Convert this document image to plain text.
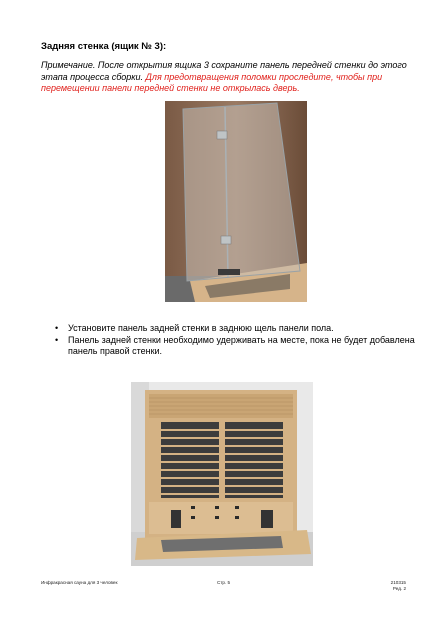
Задняя стенка (ящик № 3):
Примечание. После открытия ящика 3 сохраните панель передней стенки до этого этапа процесса сборки. Для предотвращения поломки проследите, чтобы при перемещении панели передней стенки не открылась дверь.
•	Установите панель задней стенки в заднюю щель панели пола.
•	Панель задней стенки необходимо удерживать на месте, пока не будет добавлена панель правой стенки.
Инфракрасная сауна для 3 человек	Стр. 5	210315
Ред. 2
